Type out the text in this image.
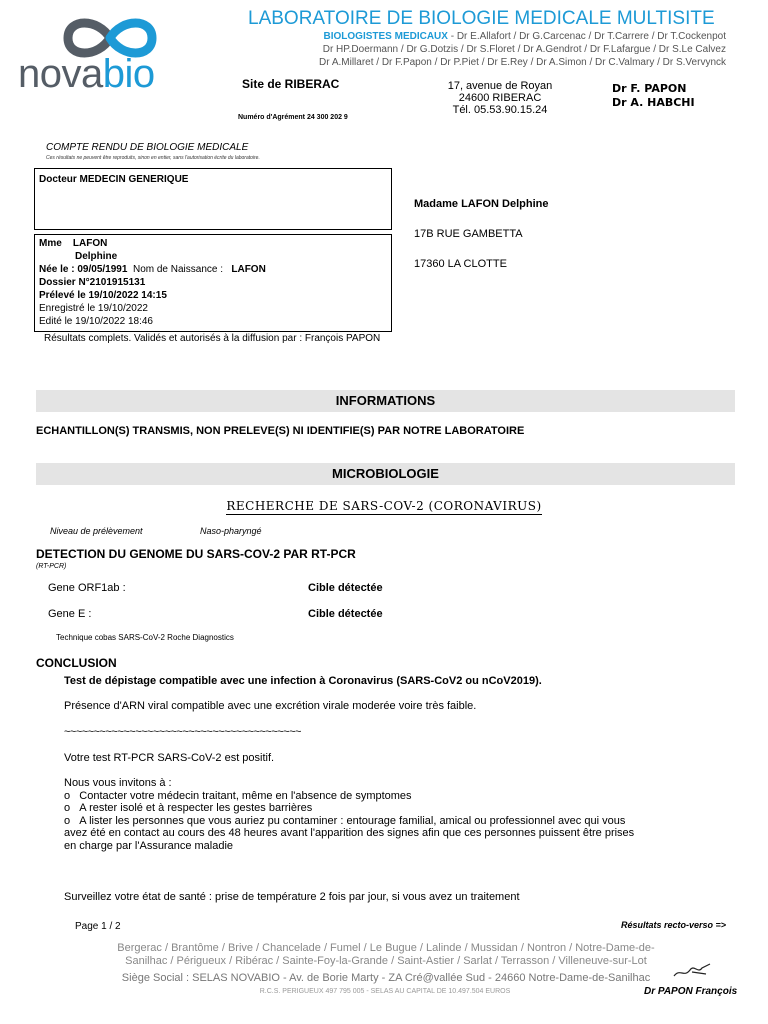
novabio
LABORATOIRE DE BIOLOGIE MEDICALE MULTISITE
BIOLOGISTES MEDICAUX - Dr E.Allafort / Dr G.Carcenac / Dr T.Carrere / Dr T.Cockenpot
Dr HP.Doermann / Dr G.Dotzis / Dr S.Floret / Dr A.Gendrot / Dr F.Lafargue / Dr S.Le Calvez
Dr A.Millaret / Dr F.Papon / Dr P.Piet / Dr E.Rey / Dr A.Simon / Dr C.Valmary / Dr S.Vervynck
Site de RIBERAC
Numéro d'Agrément 24 300 202 9
17, avenue de Royan
24600 RIBERAC
Tél. 05.53.90.15.24
Dr F. PAPON
Dr A. HABCHI
COMPTE RENDU DE BIOLOGIE MEDICALE
Ces résultats ne peuvent être reproduits, sinon en entier, sans l'autorisation écrite du laboratoire.
Docteur MEDECIN GENERIQUE
Mme LAFON
Delphine
Née le : 09/05/1991 Nom de Naissance : LAFON
Dossier N°2101915131
Prélevé le 19/10/2022 14:15
Enregistré le 19/10/2022
Edité le 19/10/2022 18:46
Résultats complets. Validés et autorisés à la diffusion par : François PAPON
Madame LAFON Delphine
17B RUE GAMBETTA
17360 LA CLOTTE
INFORMATIONS
ECHANTILLON(S) TRANSMIS, NON PRELEVE(S) NI IDENTIFIE(S) PAR NOTRE LABORATOIRE
MICROBIOLOGIE
RECHERCHE DE SARS-COV-2 (CORONAVIRUS)
Niveau de prélèvement	Naso-pharyngé
DETECTION DU GENOME DU SARS-COV-2 PAR RT-PCR
(RT-PCR)
Gene ORF1ab :	Cible détectée
Gene E :	Cible détectée
Technique cobas SARS-CoV-2 Roche Diagnostics
CONCLUSION
Test de dépistage compatible avec une infection à Coronavirus (SARS-CoV2 ou nCoV2019).
Présence d'ARN viral compatible avec une excrétion virale moderée voire très faible.
~~~~~~~~~~~~~~~~~~~~~~~~~~~~~~~~~~~~~~~~
Votre test RT-PCR SARS-CoV-2 est positif.
Nous vous invitons à :
o Contacter votre médecin traitant, même en l'absence de symptomes
o A rester isolé et à respecter les gestes barrières
o A lister les personnes que vous auriez pu contaminer : entourage familial, amical ou professionnel avec qui vous
avez été en contact au cours des 48 heures avant l'apparition des signes afin que ces personnes puissent être prises
en charge par l'Assurance maladie
Surveillez votre état de santé : prise de température 2 fois par jour, si vous avez un traitement
Page 1 / 2	Résultats recto-verso =>
Bergerac / Brantôme / Brive / Chancelade / Fumel / Le Bugue / Lalinde / Mussidan / Nontron / Notre-Dame-de-
Sanilhac / Périgueux / Ribérac / Sainte-Foy-la-Grande / Saint-Astier / Sarlat / Terrasson / Villeneuve-sur-Lot
Siège Social : SELAS NOVABIO - Av. de Borie Marty - ZA Cré@vallée Sud - 24660 Notre-Dame-de-Sanilhac
R.C.S. PERIGUEUX 497 795 005 - SELAS AU CAPITAL DE 10.497.504 EUROS	Dr PAPON François
